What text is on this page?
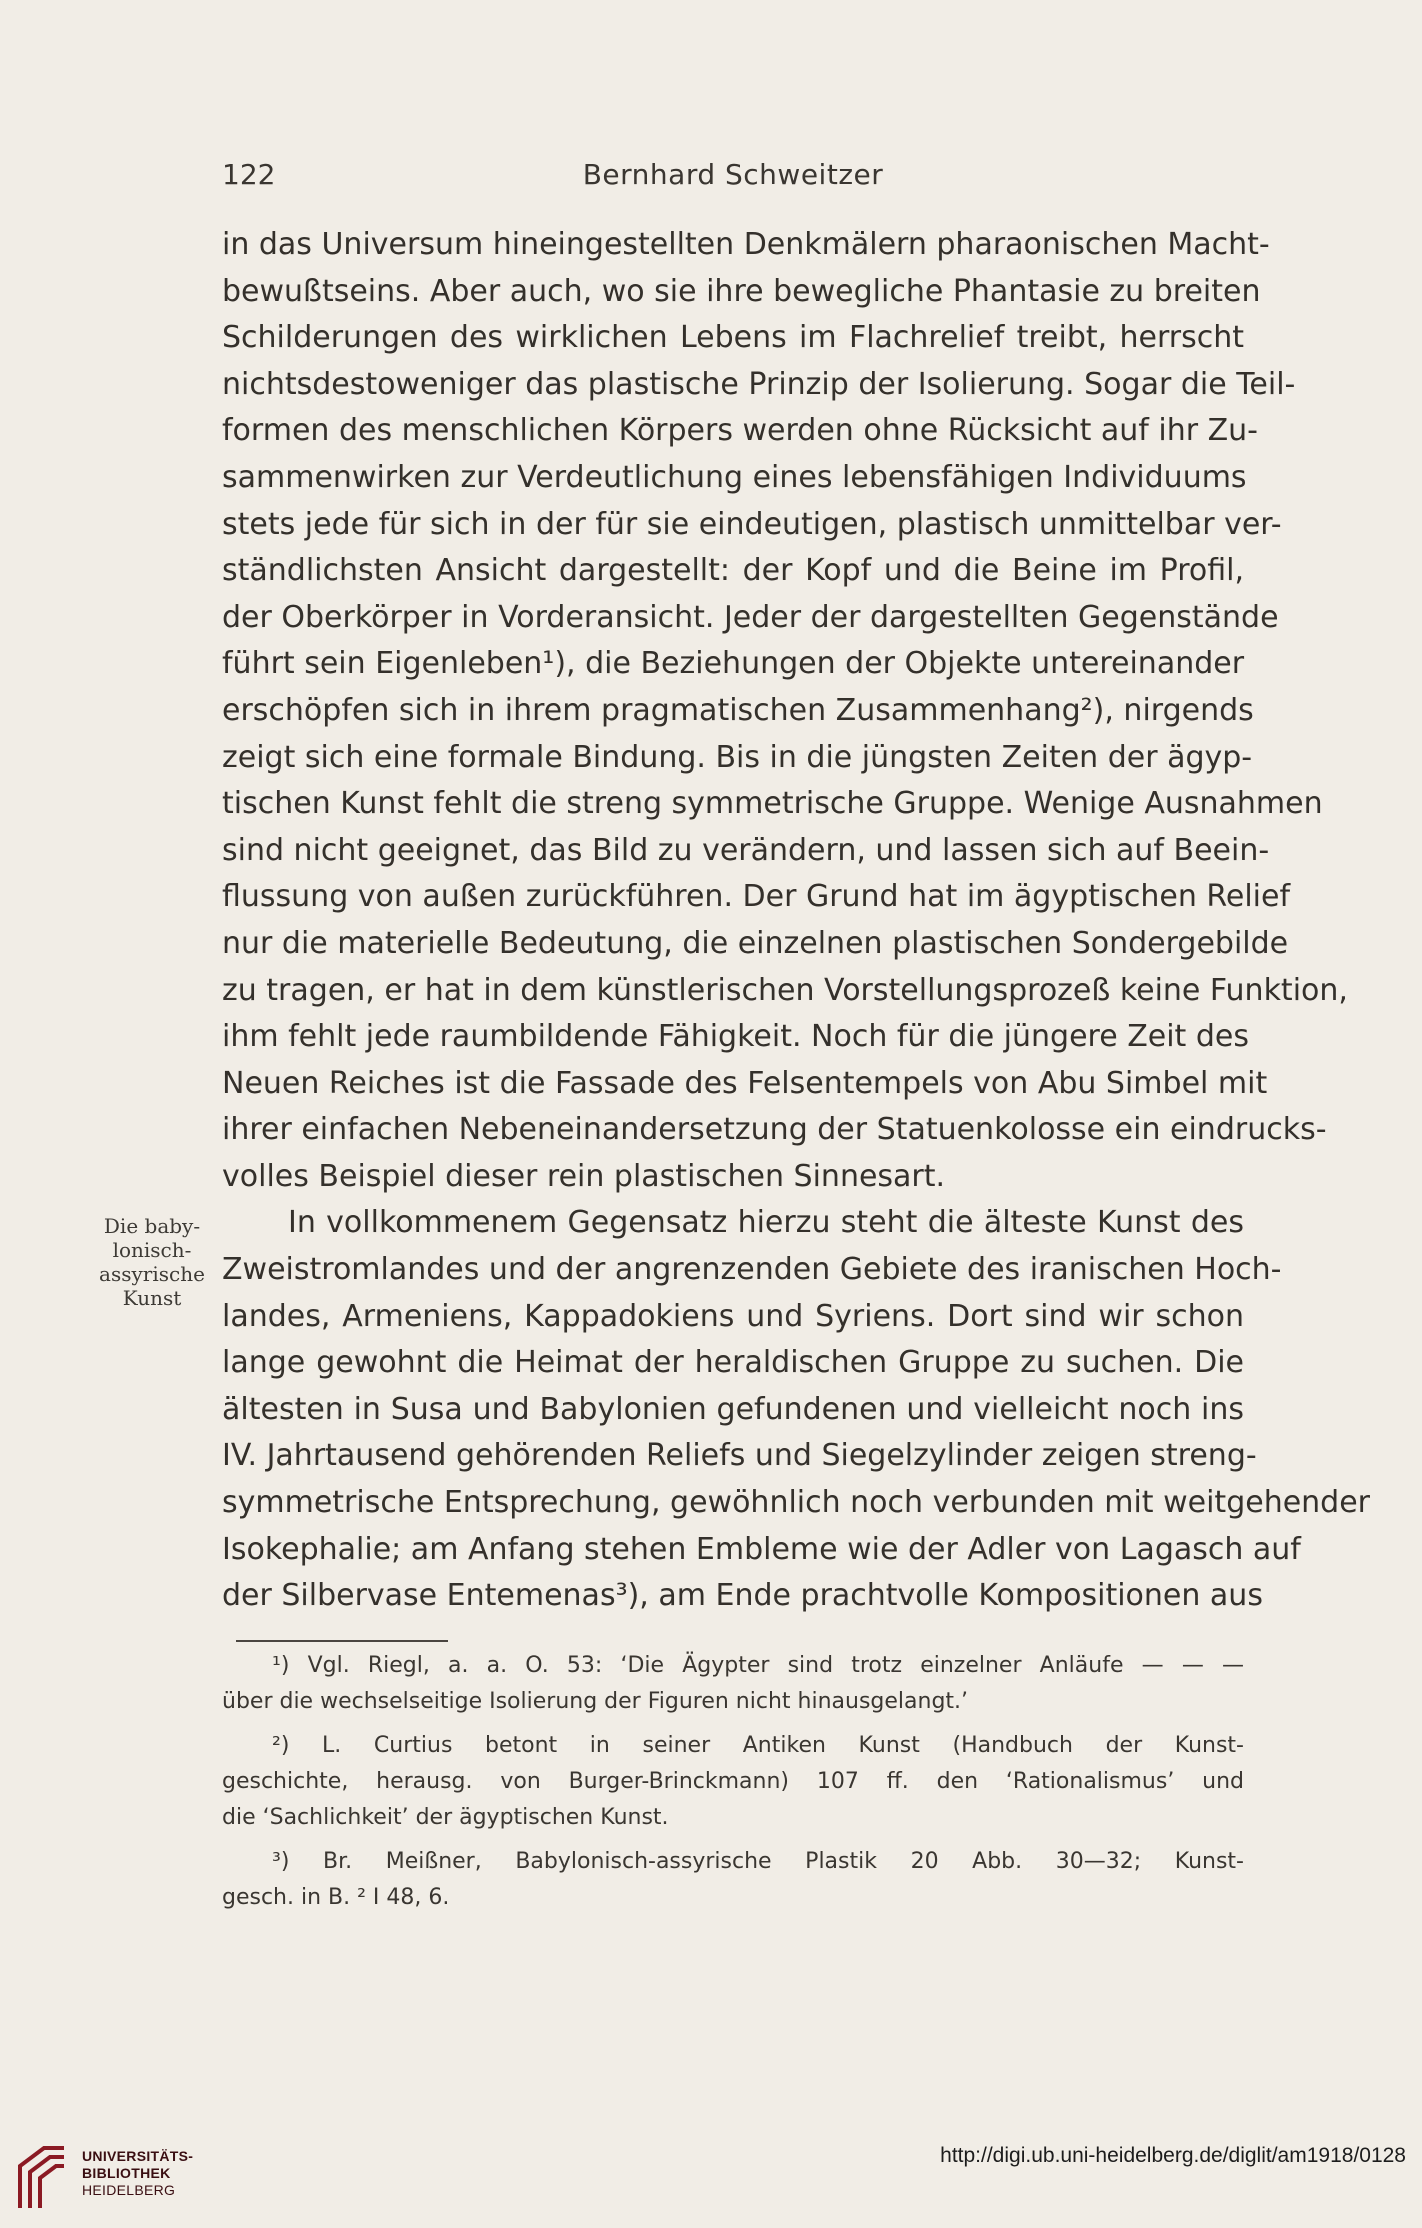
122	Bernhard Schweitzer
in das Universum hineingestellten Denkmälern pharaonischen Macht-
bewußtseins. Aber auch, wo sie ihre bewegliche Phantasie zu breiten
Schilderungen des wirklichen Lebens im Flachrelief treibt, herrscht
nichtsdestoweniger das plastische Prinzip der Isolierung. Sogar die Teil-
formen des menschlichen Körpers werden ohne Rücksicht auf ihr Zu-
sammenwirken zur Verdeutlichung eines lebensfähigen Individuums
stets jede für sich in der für sie eindeutigen, plastisch unmittelbar ver-
ständlichsten Ansicht dargestellt: der Kopf und die Beine im Profil,
der Oberkörper in Vorderansicht. Jeder der dargestellten Gegenstände
führt sein Eigenleben¹), die Beziehungen der Objekte untereinander
erschöpfen sich in ihrem pragmatischen Zusammenhang²), nirgends
zeigt sich eine formale Bindung. Bis in die jüngsten Zeiten der ägyp-
tischen Kunst fehlt die streng symmetrische Gruppe. Wenige Ausnahmen
sind nicht geeignet, das Bild zu verändern, und lassen sich auf Beein-
flussung von außen zurückführen. Der Grund hat im ägyptischen Relief
nur die materielle Bedeutung, die einzelnen plastischen Sondergebilde
zu tragen, er hat in dem künstlerischen Vorstellungsprozeß keine Funktion,
ihm fehlt jede raumbildende Fähigkeit. Noch für die jüngere Zeit des
Neuen Reiches ist die Fassade des Felsentempels von Abu Simbel mit
ihrer einfachen Nebeneinandersetzung der Statuenkolosse ein eindrucks-
volles Beispiel dieser rein plastischen Sinnesart.
In vollkommenem Gegensatz hierzu steht die älteste Kunst des
Zweistromlandes und der angrenzenden Gebiete des iranischen Hoch-
landes, Armeniens, Kappadokiens und Syriens. Dort sind wir schon
lange gewohnt die Heimat der heraldischen Gruppe zu suchen. Die
ältesten in Susa und Babylonien gefundenen und vielleicht noch ins
IV. Jahrtausend gehörenden Reliefs und Siegelzylinder zeigen streng-
symmetrische Entsprechung, gewöhnlich noch verbunden mit weitgehender
Isokephalie; am Anfang stehen Embleme wie der Adler von Lagasch auf
der Silbervase Entemenas³), am Ende prachtvolle Kompositionen aus
Die baby-
lonisch-
assyrische
Kunst
¹) Vgl. Riegl, a. a. O. 53: ‘Die Ägypter sind trotz einzelner Anläufe — — —
über die wechselseitige Isolierung der Figuren nicht hinausgelangt.’
²) L. Curtius betont in seiner Antiken Kunst (Handbuch der Kunst-
geschichte, herausg. von Burger-Brinckmann) 107 ff. den ‘Rationalismus’ und
die ‘Sachlichkeit’ der ägyptischen Kunst.
³) Br. Meißner, Babylonisch-assyrische Plastik 20 Abb. 30—32; Kunst-
gesch. in B. ² I 48, 6.
UNIVERSITÄTS-
BIBLIOTHEK
HEIDELBERG
http://digi.ub.uni-heidelberg.de/diglit/am1918/0128
